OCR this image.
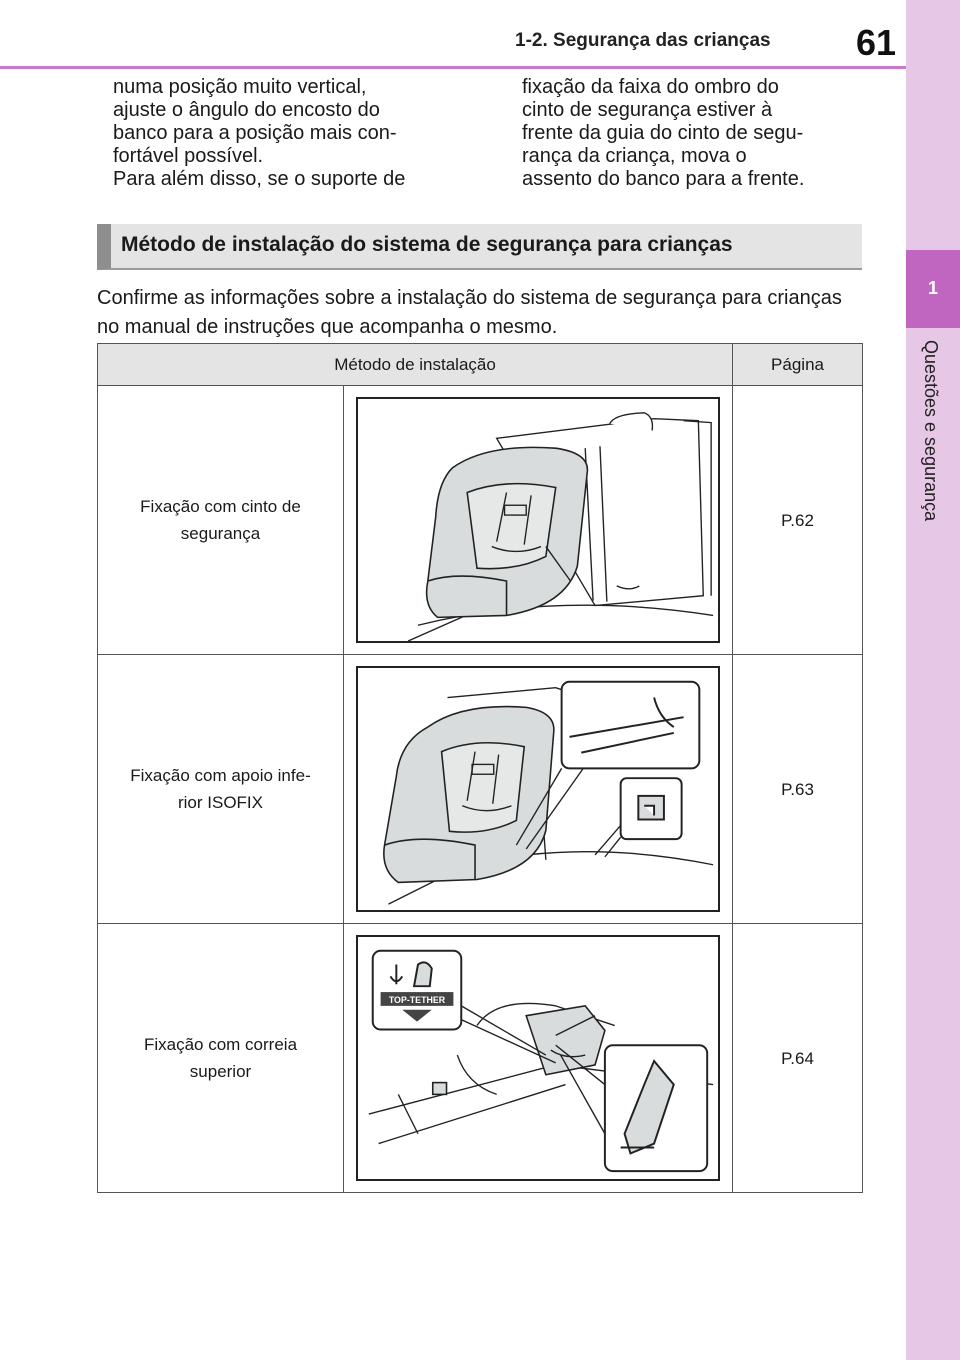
1-2. Segurança das crianças 61
1
Questões e segurança

numa posição muito vertical,

ajuste o ângulo do encosto do

banco para a posição mais con-

fortável possível.

Para além disso, se o suporte de

fixação da faixa do ombro do

cinto de segurança estiver à

frente da guia do cinto de segu-

rança da criança, mova o

assento do banco para a frente.

Método de instalação do sistema de segurança para crianças
Confirme as informações sobre a instalação do sistema de segurança para crianças no manual de instruções que acompanha o mesmo.
Método de instalação		Página
Fixação com cinto de
segurança		P.62
Fixação com apoio infe-
rior ISOFIX		P.63
Fixação com correia
superior	TOP-TETHER	P.64
